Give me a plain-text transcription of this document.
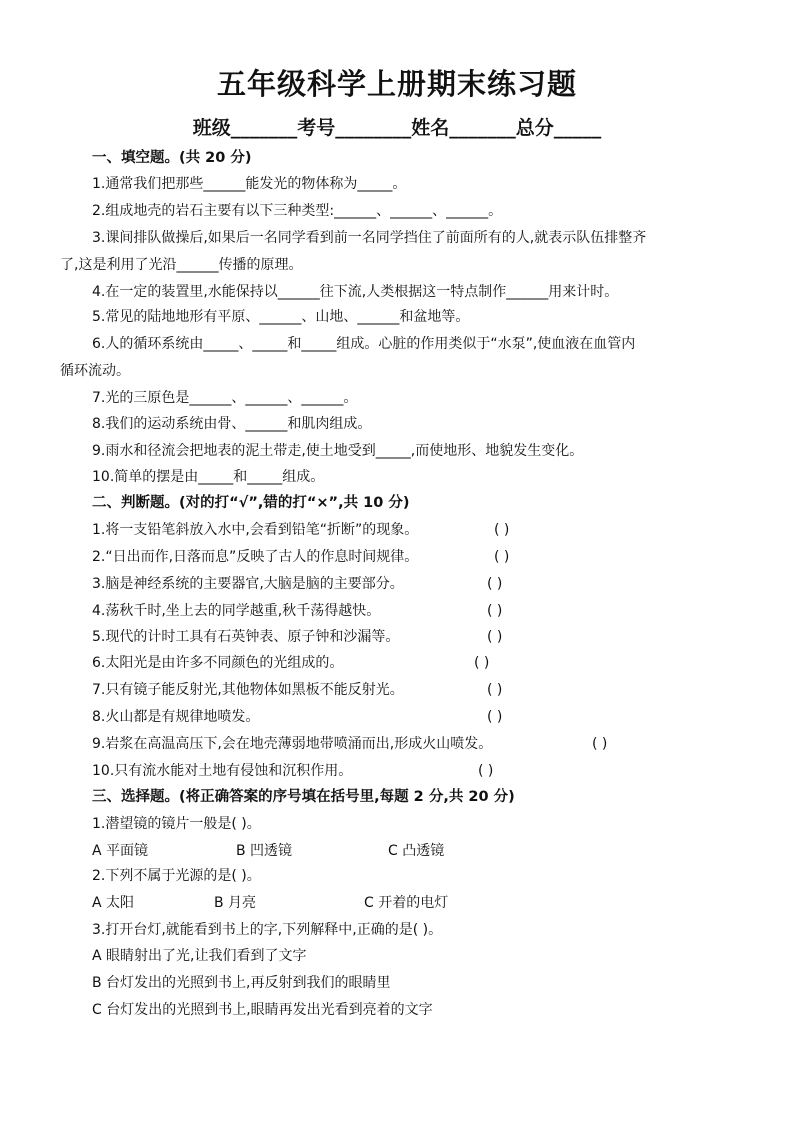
五年级科学上册期末练习题
班级_______考号________姓名_______总分_____
一、填空题。(共 20 分)
1.通常我们把那些______能发光的物体称为_____。
2.组成地壳的岩石主要有以下三种类型:______、______、______。
3.课间排队做操后,如果后一名同学看到前一名同学挡住了前面所有的人,就表示队伍排整齐
了,这是利用了光沿______传播的原理。
4.在一定的装置里,水能保持以______往下流,人类根据这一特点制作______用来计时。
5.常见的陆地地形有平原、______、山地、______和盆地等。
6.人的循环系统由_____、_____和_____组成。心脏的作用类似于“水泵”,使血液在血管内
循环流动。
7.光的三原色是______、______、______。
8.我们的运动系统由骨、______和肌肉组成。
9.雨水和径流会把地表的泥土带走,使土地受到_____,而使地形、地貌发生变化。
10.简单的摆是由_____和_____组成。
二、判断题。(对的打“√”,错的打“×”,共 10 分)
1.将一支铅笔斜放入水中,会看到铅笔“折断”的现象。	( )
2.“日出而作,日落而息”反映了古人的作息时间规律。	( )
3.脑是神经系统的主要器官,大脑是脑的主要部分。	( )
4.荡秋千时,坐上去的同学越重,秋千荡得越快。	( )
5.现代的计时工具有石英钟表、原子钟和沙漏等。	( )
6.太阳光是由许多不同颜色的光组成的。	( )
7.只有镜子能反射光,其他物体如黑板不能反射光。	( )
8.火山都是有规律地喷发。	( )
9.岩浆在高温高压下,会在地壳薄弱地带喷涌而出,形成火山喷发。	( )
10.只有流水能对土地有侵蚀和沉积作用。	( )
三、选择题。(将正确答案的序号填在括号里,每题 2 分,共 20 分)
1.潜望镜的镜片一般是( )。
A 平面镜	B 凹透镜	C 凸透镜
2.下列不属于光源的是( )。
A 太阳	B 月亮	C 开着的电灯
3.打开台灯,就能看到书上的字,下列解释中,正确的是( )。
A 眼睛射出了光,让我们看到了文字
B 台灯发出的光照到书上,再反射到我们的眼睛里
C 台灯发出的光照到书上,眼睛再发出光看到亮着的文字
